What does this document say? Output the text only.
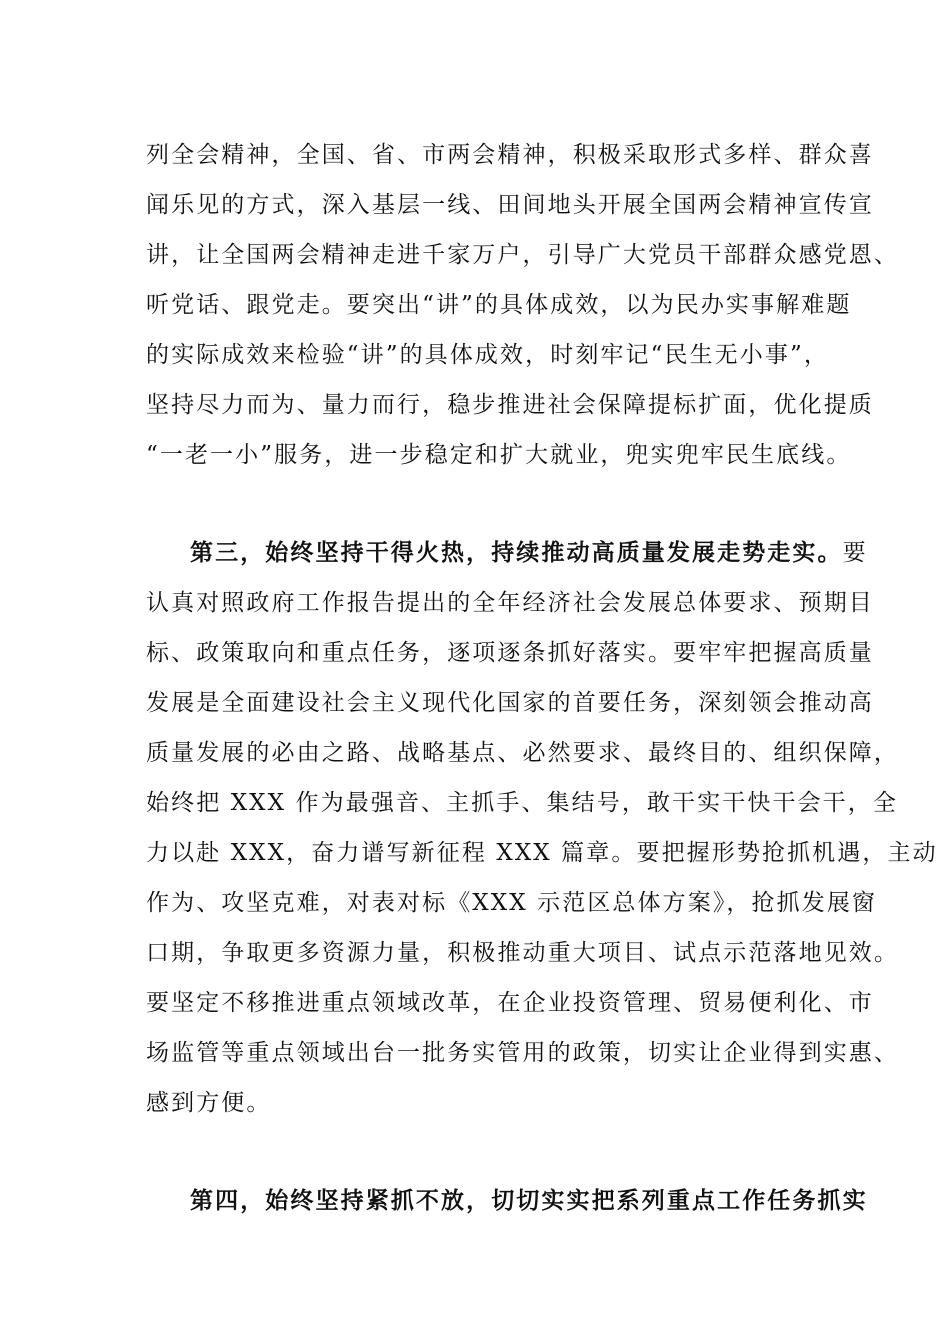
列全会精神，全国、省、市两会精神，积极采取形式多样、群众喜
闻乐见的方式，深入基层一线、田间地头开展全国两会精神宣传宣
讲，让全国两会精神走进千家万户，引导广大党员干部群众感党恩、
听党话、跟党走。要突出“讲”的具体成效，以为民办实事解难题
的实际成效来检验“讲”的具体成效，时刻牢记“民生无小事”，
坚持尽力而为、量力而行，稳步推进社会保障提标扩面，优化提质
“一老一小”服务，进一步稳定和扩大就业，兜实兜牢民生底线。
第三，始终坚持干得火热，持续推动高质量发展走势走实。要
认真对照政府工作报告提出的全年经济社会发展总体要求、预期目
标、政策取向和重点任务，逐项逐条抓好落实。要牢牢把握高质量
发展是全面建设社会主义现代化国家的首要任务，深刻领会推动高
质量发展的必由之路、战略基点、必然要求、最终目的、组织保障，
始终把 XXX 作为最强音、主抓手、集结号，敢干实干快干会干，全
力以赴 XXX，奋力谱写新征程 XXX 篇章。要把握形势抢抓机遇，主动
作为、攻坚克难，对表对标《XXX 示范区总体方案》，抢抓发展窗
口期，争取更多资源力量，积极推动重大项目、试点示范落地见效。
要坚定不移推进重点领域改革，在企业投资管理、贸易便利化、市
场监管等重点领域出台一批务实管用的政策，切实让企业得到实惠、
感到方便。
第四，始终坚持紧抓不放，切切实实把系列重点工作任务抓实
